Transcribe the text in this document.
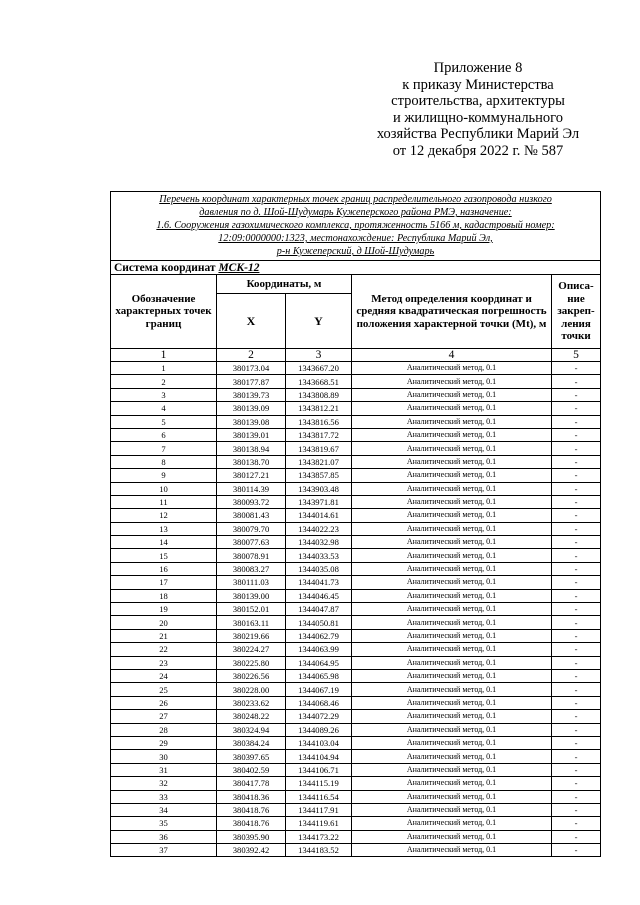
Приложение 8
к приказу Министерства
строительства, архитектуры
и жилищно-коммунального
хозяйства Республики Марий Эл
от 12 декабря 2022 г. № 587
Перечень координат характерных точек границ распределительного газопровода низкого
давления по д. Шой-Шудумарь Кужеперского района РМЭ, назначение:
1.6. Сооружения газохимического комплекса, протяженность 5166 м, кадастровый номер:
12:09:0000000:1323, местонахождение: Республика Марий Эл,
р-н Кужеперский, д Шой-Шудумарь				

Система координат МСК-12				
Обозначение характерных точек границ	Координаты, м		Метод определения координат и средняя квадратическая погрешность положения характерной точки (Mt), м	Описа-ние закреп-ления точки
	X	Y		
1	2	3	4	5
1	380173.04	1343667.20	Аналитический метод, 0.1	-
2	380177.87	1343668.51	Аналитический метод, 0.1	-
3	380139.73	1343808.89	Аналитический метод, 0.1	-
4	380139.09	1343812.21	Аналитический метод, 0.1	-
5	380139.08	1343816.56	Аналитический метод, 0.1	-
6	380139.01	1343817.72	Аналитический метод, 0.1	-
7	380138.94	1343819.67	Аналитический метод, 0.1	-
8	380138.70	1343821.07	Аналитический метод, 0.1	-
9	380127.21	1343857.85	Аналитический метод, 0.1	-
10	380114.39	1343903.48	Аналитический метод, 0.1	-
11	380093.72	1343971.81	Аналитический метод, 0.1	-
12	380081.43	1344014.61	Аналитический метод, 0.1	-
13	380079.70	1344022.23	Аналитический метод, 0.1	-
14	380077.63	1344032.98	Аналитический метод, 0.1	-
15	380078.91	1344033.53	Аналитический метод, 0.1	-
16	380083.27	1344035.08	Аналитический метод, 0.1	-
17	380111.03	1344041.73	Аналитический метод, 0.1	-
18	380139.00	1344046.45	Аналитический метод, 0.1	-
19	380152.01	1344047.87	Аналитический метод, 0.1	-
20	380163.11	1344050.81	Аналитический метод, 0.1	-
21	380219.66	1344062.79	Аналитический метод, 0.1	-
22	380224.27	1344063.99	Аналитический метод, 0.1	-
23	380225.80	1344064.95	Аналитический метод, 0.1	-
24	380226.56	1344065.98	Аналитический метод, 0.1	-
25	380228.00	1344067.19	Аналитический метод, 0.1	-
26	380233.62	1344068.46	Аналитический метод, 0.1	-
27	380248.22	1344072.29	Аналитический метод, 0.1	-
28	380324.94	1344089.26	Аналитический метод, 0.1	-
29	380384.24	1344103.04	Аналитический метод, 0.1	-
30	380397.65	1344104.94	Аналитический метод, 0.1	-
31	380402.59	1344106.71	Аналитический метод, 0.1	-
32	380417.78	1344115.19	Аналитический метод, 0.1	-
33	380418.36	1344116.54	Аналитический метод, 0.1	-
34	380418.76	1344117.91	Аналитический метод, 0.1	-
35	380418.76	1344119.61	Аналитический метод, 0.1	-
36	380395.90	1344173.22	Аналитический метод, 0.1	-
37	380392.42	1344183.52	Аналитический метод, 0.1	-
